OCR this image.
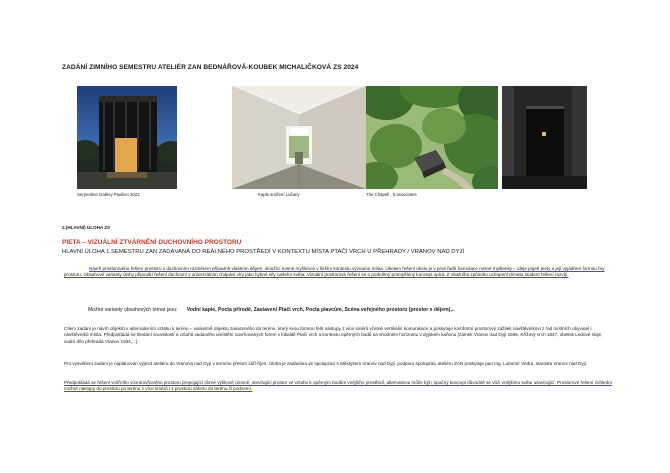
ZADÁNÍ ZIMNÍHO SEMESTRU ATELIÉR ZAN BEDNÁŘOVÁ-KOUBEK MICHALIČKOVÁ ZS 2024
Serpentine Gallery Pavilion 2022	Kaple smíření Lučany	The Chapell , 5.associates
2.(HLAVNÍ) ÚLOHA ZS
PIETA – VIZUÁLNÍ ZTVÁRNĚNÍ DUCHOVNÍHO PROSTORU
HLAVNÍ ÚLOHA 1.SEMESTRU ZAN ZADÁVANÁ DO REÁLNÉHO PROSTŘEDÍ V KONTEXTU MÍSTA PTAČÍ VRCH U PŘEHRADY / VRANOV NAD DYJÍ

Návrh prostorového řešení prostoru s duchovním rozměrem případně vlastním dějem, sloužící nosné myšlence v širším kontextu významu místa. Úkolem řešení úkolu je v prvé řadě formulace nosné myšlenky – ideje pojetí piety a její vyjádření formou hry prostoru. Obsahové varianty úlohy připouští řešení duchovní v univerzálním chápání víry jako hybné síly našeho světa. Vizuální prostorové řešení se o podnětný promyšlený koncept opírá. Z vlastního způsobu uchopení tématu student řešení rozvíjí.

Možné varianty obsahových témat jsou: Vodní kaple, Pocta přírodě, Zastavení Ptačí vrch, Pocta plavcům, Scéna veřejného prostoru (prostor s dějem),..

Cílem zadání je návrh objektů v alternativním vztahu k terénu – variantně objektu zasazeného do terénu, který svou formou řeší nástupy z více směrů včetně vertikální komunikace a poskytuje komfortní prostorový zážitek návštěvníkovi z řad místních obyvatel i návštěvníků místa. Předpokládá se hledání souvislostí a vztahů zadaného umístění navrhovaných forem v lokalitě Ptačí vrch a kontextu opěrných bodů na shodném horizontu v dyjském kaňonu (zámek Vranov nad Dyjí 1665, Křížový vrch 1847, obelisk Ledové sluje, vodní dílo přehrada Vranov 1934,...).

Pro vysvětlení zadání je naplánován výjezd ateliéru do Vranova nad Dyjí v termínu přelom září-říjen. Úloha je zadávána ve spolupráci s Městysem Vranov nad Dyjí, podporu spolupráci ateliéru ZAN poskytuje pan Ing. Lubomír Vedra, starosta Vranov nad Dyjí.

Předpokládá se řešení vnitřního víceúrovňového prostoru propojující různé výškové úrovně, otevírající prostor ve vztahu k opěrným bodům vnějšího prostředí, alternativou může být i opačný koncept důvodně se vůči vnějšímu světu uzavírající. Prostorové řešení zohlední možné nástupy do prostoru po terénu z více směrů i z prostoru zářezu do terénu či podzemí.
